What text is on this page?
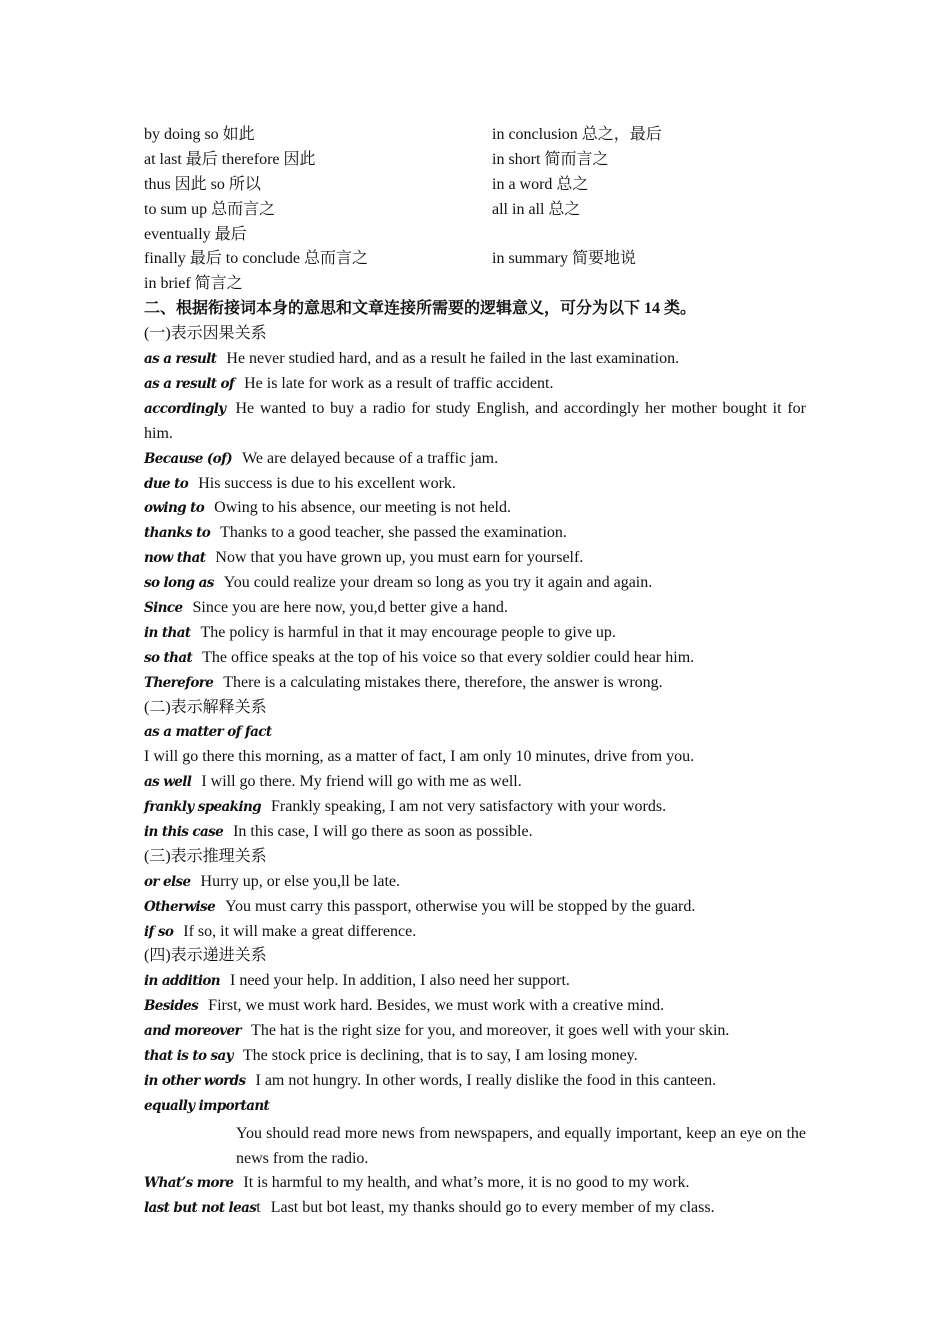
by doing so 如此	in conclusion 总之，最后
at last 最后 therefore 因此	in short 简而言之
thus 因此 so 所以	in a word 总之
to sum up 总而言之	all in all 总之
eventually 最后
finally 最后 to conclude 总而言之	in summary 简要地说
in brief 简言之
二、根据衔接词本身的意思和文章连接所需要的逻辑意义，可分为以下 14 类。
(一)表示因果关系
as a result He never studied hard, and as a result he failed in the last examination.
as a result of He is late for work as a result of traffic accident.
accordingly He wanted to buy a radio for study English, and accordingly her mother bought it for him.
Because (of) We are delayed because of a traffic jam.
due to His success is due to his excellent work.
owing to Owing to his absence, our meeting is not held.
thanks to Thanks to a good teacher, she passed the examination.
now that Now that you have grown up, you must earn for yourself.
so long as You could realize your dream so long as you try it again and again.
Since Since you are here now, you,d better give a hand.
in that The policy is harmful in that it may encourage people to give up.
so that The office speaks at the top of his voice so that every soldier could hear him.
Therefore There is a calculating mistakes there, therefore, the answer is wrong.
(二)表示解释关系
as a matter of fact
I will go there this morning, as a matter of fact, I am only 10 minutes, drive from you.
as well I will go there. My friend will go with me as well.
frankly speaking Frankly speaking, I am not very satisfactory with your words.
in this case In this case, I will go there as soon as possible.
(三)表示推理关系
or else Hurry up, or else you,ll be late.
Otherwise You must carry this passport, otherwise you will be stopped by the guard.
if so If so, it will make a great difference.
(四)表示递进关系
in addition I need your help. In addition, I also need her support.
Besides First, we must work hard. Besides, we must work with a creative mind.
and moreover The hat is the right size for you, and moreover, it goes well with your skin.
that is to say The stock price is declining, that is to say, I am losing money.
in other words I am not hungry. In other words, I really dislike the food in this canteen.
equally important
You should read more news from newspapers, and equally important, keep an eye on the news from the radio.
What’s more It is harmful to my health, and what’s more, it is no good to my work.
last but not least Last but bot least, my thanks should go to every member of my class.
